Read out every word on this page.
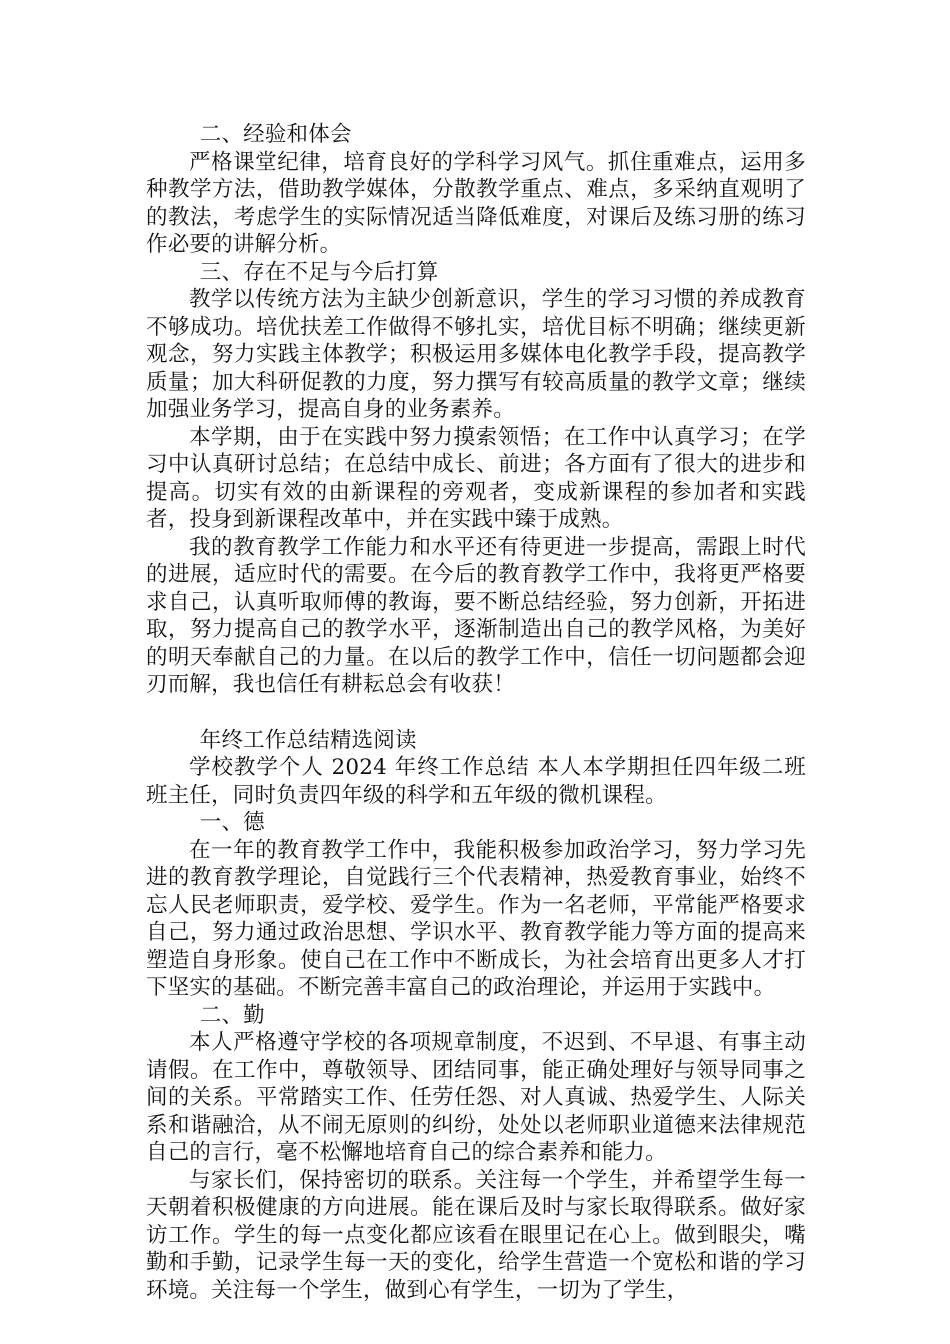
二、经验和体会

严格课堂纪律，培育良好的学科学习风气。抓住重难点，运用多种教学方法，借助教学媒体，分散教学重点、难点，多采纳直观明了的教法，考虑学生的实际情况适当降低难度，对课后及练习册的练习作必要的讲解分析。

三、存在不足与今后打算

教学以传统方法为主缺少创新意识，学生的学习习惯的养成教育不够成功。培优扶差工作做得不够扎实，培优目标不明确；继续更新观念，努力实践主体教学；积极运用多媒体电化教学手段，提高教学质量；加大科研促教的力度，努力撰写有较高质量的教学文章；继续加强业务学习，提高自身的业务素养。

本学期，由于在实践中努力摸索领悟；在工作中认真学习；在学习中认真研讨总结；在总结中成长、前进；各方面有了很大的进步和提高。切实有效的由新课程的旁观者，变成新课程的参加者和实践者，投身到新课程改革中，并在实践中臻于成熟。

我的教育教学工作能力和水平还有待更进一步提高，需跟上时代的进展，适应时代的需要。在今后的教育教学工作中，我将更严格要求自己，认真听取师傅的教诲，要不断总结经验，努力创新，开拓进取，努力提高自己的教学水平，逐渐制造出自己的教学风格，为美好的明天奉献自己的力量。在以后的教学工作中，信任一切问题都会迎刃而解，我也信任有耕耘总会有收获！

年终工作总结精选阅读

学校教学个人 2024 年终工作总结 本人本学期担任四年级二班班主任，同时负责四年级的科学和五年级的微机课程。

一、德

在一年的教育教学工作中，我能积极参加政治学习，努力学习先进的教育教学理论，自觉践行三个代表精神，热爱教育事业，始终不忘人民老师职责，爱学校、爱学生。作为一名老师，平常能严格要求自己，努力通过政治思想、学识水平、教育教学能力等方面的提高来塑造自身形象。使自己在工作中不断成长，为社会培育出更多人才打下坚实的基础。不断完善丰富自己的政治理论，并运用于实践中。

二、勤

本人严格遵守学校的各项规章制度，不迟到、不早退、有事主动请假。在工作中，尊敬领导、团结同事，能正确处理好与领导同事之间的关系。平常踏实工作、任劳任怨、对人真诚、热爱学生、人际关系和谐融洽，从不闹无原则的纠纷，处处以老师职业道德来法律规范自己的言行，毫不松懈地培育自己的综合素养和能力。

与家长们，保持密切的联系。关注每一个学生，并希望学生每一天朝着积极健康的方向进展。能在课后及时与家长取得联系。做好家访工作。学生的每一点变化都应该看在眼里记在心上。做到眼尖，嘴勤和手勤，记录学生每一天的变化，给学生营造一个宽松和谐的学习环境。关注每一个学生，做到心有学生，一切为了学生，
